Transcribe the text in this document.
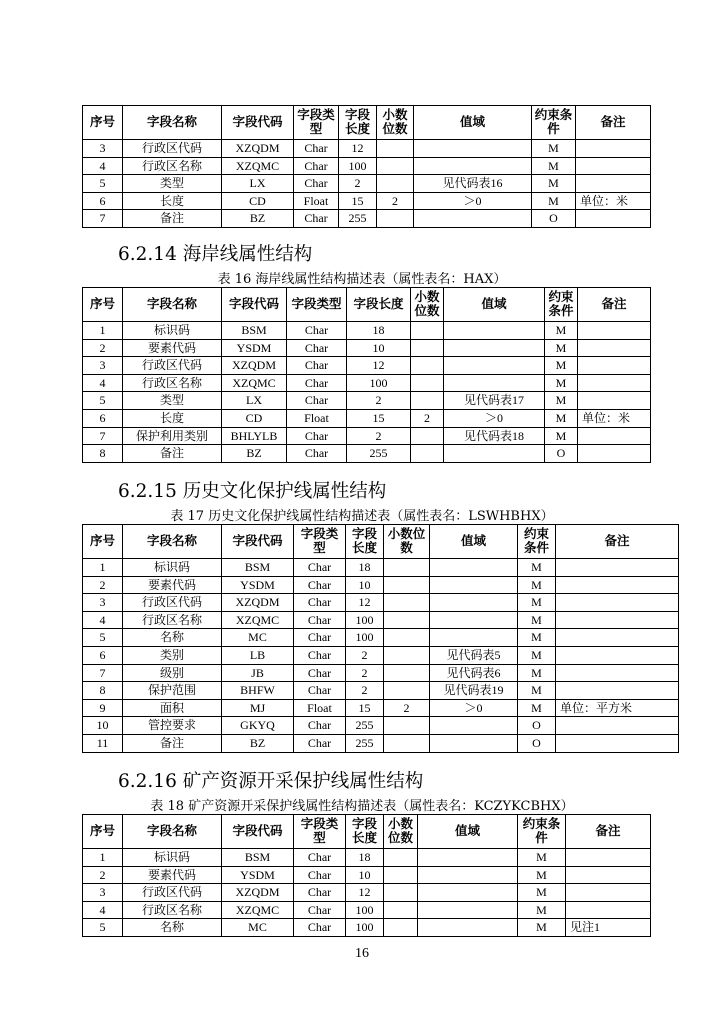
序号	字段名称	字段代码	字段类型	字段长度	小数位数	值域	约束条件	备注
3	行政区代码	XZQDM	Char	12			M	
4	行政区名称	XZQMC	Char	100			M	
5	类型	LX	Char	2		见代码表16	M	
6	长度	CD	Float	15	2	＞0	M	单位：米
7	备注	BZ	Char	255			O	
6.2.14 海岸线属性结构
表 16 海岸线属性结构描述表（属性表名：HAX）
序号	字段名称	字段代码	字段类型	字段长度	小数位数	值域	约束条件	备注
1	标识码	BSM	Char	18			M	
2	要素代码	YSDM	Char	10			M	
3	行政区代码	XZQDM	Char	12			M	
4	行政区名称	XZQMC	Char	100			M	
5	类型	LX	Char	2		见代码表17	M	
6	长度	CD	Float	15	2	＞0	M	单位：米
7	保护利用类别	BHLYLB	Char	2		见代码表18	M	
8	备注	BZ	Char	255			O	
6.2.15 历史文化保护线属性结构
表 17 历史文化保护线属性结构描述表（属性表名：LSWHBHX）
序号	字段名称	字段代码	字段类型	字段长度	小数位数	值域	约束条件	备注
1	标识码	BSM	Char	18			M	
2	要素代码	YSDM	Char	10			M	
3	行政区代码	XZQDM	Char	12			M	
4	行政区名称	XZQMC	Char	100			M	
5	名称	MC	Char	100			M	
6	类别	LB	Char	2		见代码表5	M	
7	级别	JB	Char	2		见代码表6	M	
8	保护范围	BHFW	Char	2		见代码表19	M	
9	面积	MJ	Float	15	2	＞0	M	单位：平方米
10	管控要求	GKYQ	Char	255			O	
11	备注	BZ	Char	255			O	
6.2.16 矿产资源开采保护线属性结构
表 18 矿产资源开采保护线属性结构描述表（属性表名：KCZYKCBHX）
序号	字段名称	字段代码	字段类型	字段长度	小数位数	值域	约束条件	备注
1	标识码	BSM	Char	18			M	
2	要素代码	YSDM	Char	10			M	
3	行政区代码	XZQDM	Char	12			M	
4	行政区名称	XZQMC	Char	100			M	
5	名称	MC	Char	100			M	见注1
16
